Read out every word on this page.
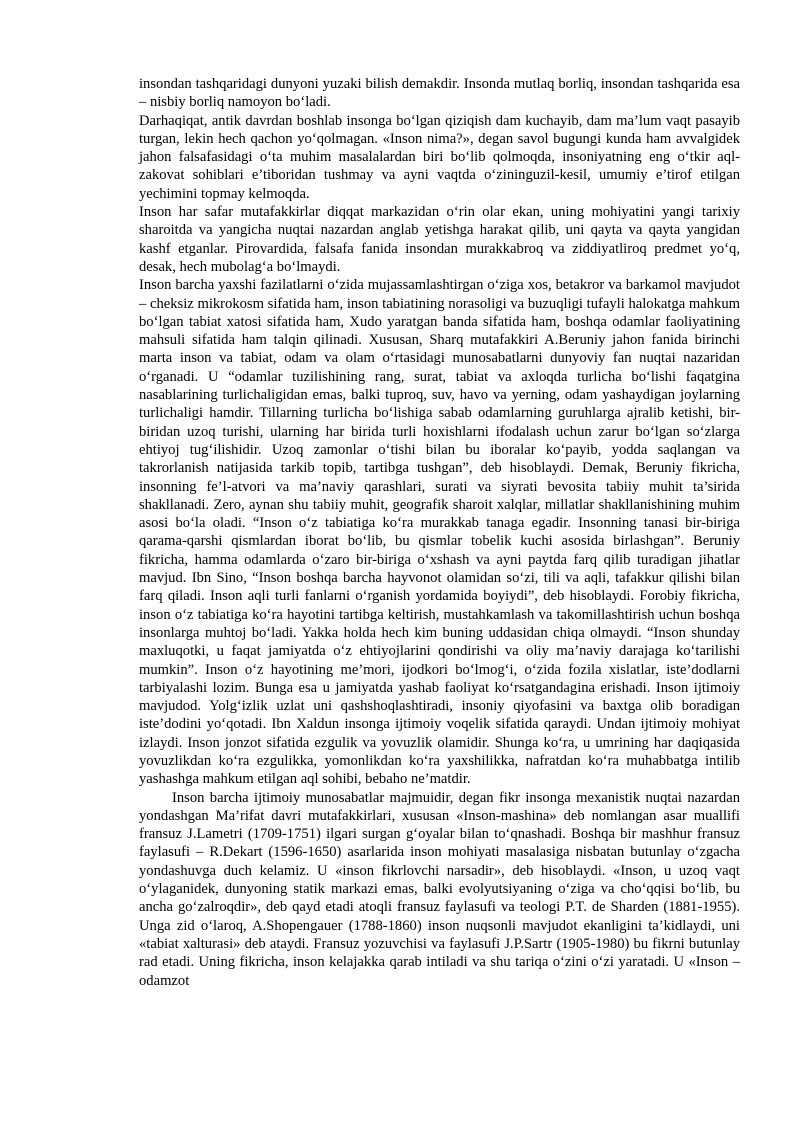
insondan tashqaridagi dunyoni yuzaki bilish demakdir. Insonda mutlaq borliq, insondan tashqarida esa – nisbiy borliq namoyon bo‘ladi.

Darhaqiqat, antik davrdan boshlab insonga bo‘lgan qiziqish dam kuchayib, dam ma’lum vaqt pasayib turgan, lekin hech qachon yo‘qolmagan. «Inson nima?», degan savol bugungi kunda ham avvalgidek jahon falsafasidagi o‘ta muhim masalalardan biri bo‘lib qolmoqda, insoniyatning eng o‘tkir aql-zakovat sohiblari e’tiboridan tushmay va ayni vaqtda o‘zininguzil-kesil, umumiy e’tirof etilgan yechimini topmay kelmoqda.

Inson har safar mutafakkirlar diqqat markazidan o‘rin olar ekan, uning mohiyatini yangi tarixiy sharoitda va yangicha nuqtai nazardan anglab yetishga harakat qilib, uni qayta va qayta yangidan kashf etganlar. Pirovardida, falsafa fanida insondan murakkabroq va ziddiyatliroq predmet yo‘q, desak, hech mubolag‘a bo‘lmaydi.

Inson barcha yaxshi fazilatlarni o‘zida mujassamlashtirgan o‘ziga xos, betakror va barkamol mavjudot – cheksiz mikrokosm sifatida ham, inson tabiatining norasoligi va buzuqligi tufayli halokatga mahkum bo‘lgan tabiat xatosi sifatida ham, Xudo yaratgan banda sifatida ham, boshqa odamlar faoliyatining mahsuli sifatida ham talqin qilinadi. Xususan, Sharq mutafakkiri A.Beruniy jahon fanida birinchi marta inson va tabiat, odam va olam o‘rtasidagi munosabatlarni dunyoviy fan nuqtai nazaridan o‘rganadi. U “odamlar tuzilishining rang, surat, tabiat va axloqda turlicha bo‘lishi faqatgina nasablarining turlichaligidan emas, balki tuproq, suv, havo va yerning, odam yashaydigan joylarning turlichaligi hamdir. Tillarning turlicha bo‘lishiga sabab odamlarning guruhlarga ajralib ketishi, bir-biridan uzoq turishi, ularning har birida turli hoxishlarni ifodalash uchun zarur bo‘lgan so‘zlarga ehtiyoj tug‘ilishidir. Uzoq zamonlar o‘tishi bilan bu iboralar ko‘payib, yodda saqlangan va takrorlanish natijasida tarkib topib, tartibga tushgan”, deb hisoblaydi. Demak, Beruniy fikricha, insonning fe’l-atvori va ma’naviy qarashlari, surati va siyrati bevosita tabiiy muhit ta’sirida shakllanadi. Zero, aynan shu tabiiy muhit, geografik sharoit xalqlar, millatlar shakllanishining muhim asosi bo‘la oladi. “Inson o‘z tabiatiga ko‘ra murakkab tanaga egadir. Insonning tanasi bir-biriga qarama-qarshi qismlardan iborat bo‘lib, bu qismlar tobelik kuchi asosida birlashgan”. Beruniy fikricha, hamma odamlarda o‘zaro bir-biriga o‘xshash va ayni paytda farq qilib turadigan jihatlar mavjud. Ibn Sino, “Inson boshqa barcha hayvonot olamidan so‘zi, tili va aqli, tafakkur qilishi bilan farq qiladi. Inson aqli turli fanlarni o‘rganish yordamida boyiydi”, deb hisoblaydi. Forobiy fikricha, inson o‘z tabiatiga ko‘ra hayotini tartibga keltirish, mustahkamlash va takomillashtirish uchun boshqa insonlarga muhtoj bo‘ladi. Yakka holda hech kim buning uddasidan chiqa olmaydi. “Inson shunday maxluqotki, u faqat jamiyatda o‘z ehtiyojlarini qondirishi va oliy ma’naviy darajaga ko‘tarilishi mumkin”. Inson o‘z hayotining me’mori, ijodkori bo‘lmog‘i, o‘zida fozila xislatlar, iste’dodlarni tarbiyalashi lozim. Bunga esa u jamiyatda yashab faoliyat ko‘rsatgandagina erishadi. Inson ijtimoiy mavjudod. Yolg‘izlik uzlat uni qashshoqlashtiradi, insoniy qiyofasini va baxtga olib boradigan iste’dodini yo‘qotadi. Ibn Xaldun insonga ijtimoiy voqelik sifatida qaraydi. Undan ijtimoiy mohiyat izlaydi. Inson jonzot sifatida ezgulik va yovuzlik olamidir. Shunga ko‘ra, u umrining har daqiqasida yovuzlikdan ko‘ra ezgulikka, yomonlikdan ko‘ra yaxshilikka, nafratdan ko‘ra muhabbatga intilib yashashga mahkum etilgan aql sohibi, bebaho ne’matdir.

Inson barcha ijtimoiy munosabatlar majmuidir, degan fikr insonga mexanistik nuqtai nazardan yondashgan Ma’rifat davri mutafakkirlari, xususan «Inson-mashina» deb nomlangan asar muallifi fransuz J.Lametri (1709-1751) ilgari surgan g‘oyalar bilan to‘qnashadi. Boshqa bir mashhur fransuz faylasufi – R.Dekart (1596-1650) asarlarida inson mohiyati masalasiga nisbatan butunlay o‘zgacha yondashuvga duch kelamiz. U «inson fikrlovchi narsadir», deb hisoblaydi. «Inson, u uzoq vaqt o‘ylaganidek, dunyoning statik markazi emas, balki evolyutsiyaning o‘ziga va cho‘qqisi bo‘lib, bu ancha go‘zalroqdir», deb qayd etadi atoqli fransuz faylasufi va teologi P.T. de Sharden (1881-1955). Unga zid o‘laroq, A.Shopengauer (1788-1860) inson nuqsonli mavjudot ekanligini ta’kidlaydi, uni «tabiat xalturasi» deb ataydi. Fransuz yozuvchisi va faylasufi J.P.Sartr (1905-1980) bu fikrni butunlay rad etadi. Uning fikricha, inson kelajakka qarab intiladi va shu tariqa o‘zini o‘zi yaratadi. U «Inson – odamzot
